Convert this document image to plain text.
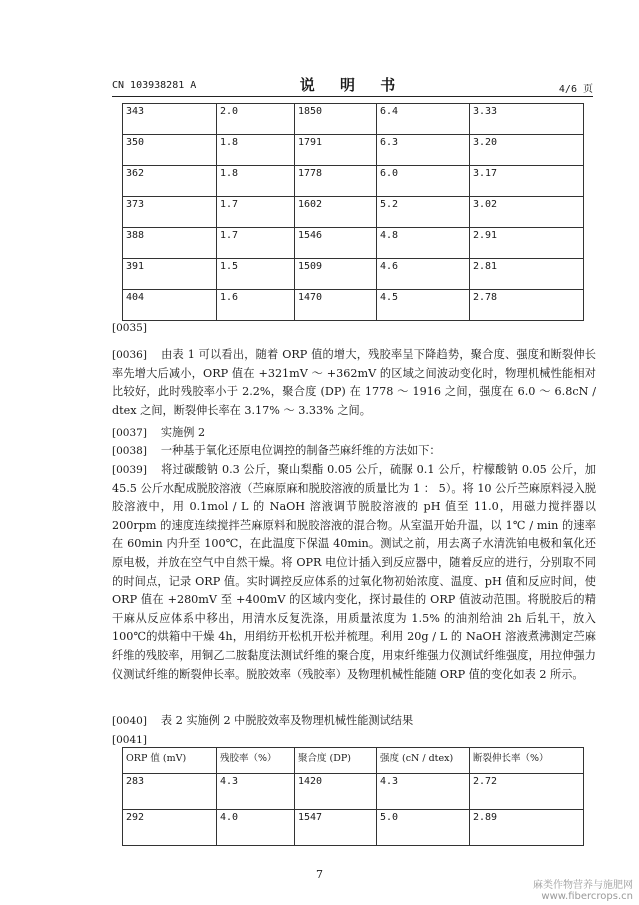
CN 103938281 A	说 明 书	4/6 页
343	2.0	1850	6.4	3.33
350	1.8	1791	6.3	3.20
362	1.8	1778	6.0	3.17
373	1.7	1602	5.2	3.02
388	1.7	1546	4.8	2.91
391	1.5	1509	4.6	2.81
404	1.6	1470	4.5	2.78
[0035]
[0036] 由表 1 可以看出，随着 ORP 值的增大，残胶率呈下降趋势，聚合度、强度和断裂伸长率先增大后减小，ORP 值在 +321mV ～ +362mV 的区域之间波动变化时，物理机械性能相对比较好，此时残胶率小于 2.2%，聚合度 (DP) 在 1778 ～ 1916 之间，强度在 6.0 ～ 6.8cN / dtex 之间，断裂伸长率在 3.17% ～ 3.33% 之间。
[0037] 实施例 2
[0038] 一种基于氧化还原电位调控的制备苎麻纤维的方法如下：
[0039] 将过碳酸钠 0.3 公斤，聚山梨酯 0.05 公斤，硫脲 0.1 公斤，柠檬酸钠 0.05 公斤，加 45.5 公斤水配成脱胶溶液（苎麻原麻和脱胶溶液的质量比为 1 ： 5）。将 10 公斤苎麻原料浸入脱胶溶液中，用 0.1mol / L 的 NaOH 溶液调节脱胶溶液的 pH 值至 11.0，用磁力搅拌器以 200rpm 的速度连续搅拌苎麻原料和脱胶溶液的混合物。从室温开始升温，以 1℃ / min 的速率在 60min 内升至 100℃，在此温度下保温 40min。测试之前，用去离子水清洗铂电极和氧化还原电极，并放在空气中自然干燥。将 OPR 电位计插入到反应器中，随着反应的进行，分别取不同的时间点，记录 ORP 值。实时调控反应体系的过氧化物初始浓度、温度、pH 值和反应时间，使 ORP 值在 +280mV 至 +400mV 的区域内变化，探讨最佳的 ORP 值波动范围。将脱胶后的精干麻从反应体系中移出，用清水反复洗涤，用质量浓度为 1.5% 的油剂给油 2h 后轧干，放入 100℃的烘箱中干燥 4h，用绢纺开松机开松并梳理。利用 20g / L 的 NaOH 溶液煮沸测定苎麻纤维的残胶率，用铜乙二胺黏度法测试纤维的聚合度，用束纤维强力仪测试纤维强度，用拉伸强力仪测试纤维的断裂伸长率。脱胶效率（残胶率）及物理机械性能随 ORP 值的变化如表 2 所示。
[0040] 表 2 实施例 2 中脱胶效率及物理机械性能测试结果
[0041]
ORP 值 (mV)	残胶率（%）	聚合度 (DP)	强度 (cN / dtex)	断裂伸长率（%）
283	4.3	1420	4.3	2.72
292	4.0	1547	5.0	2.89
7
麻类作物营养与施肥网
www.fibercrops.cn
